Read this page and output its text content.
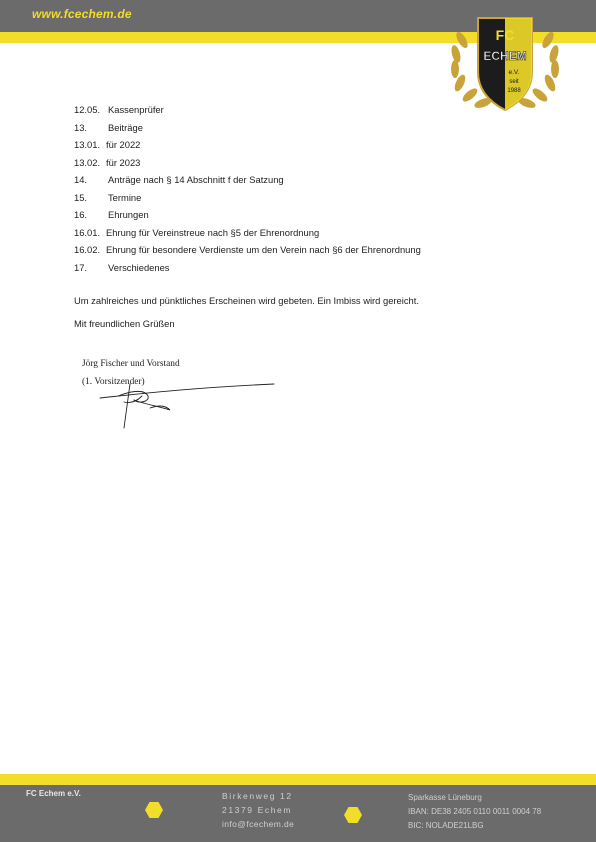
www.fcechem.de
FC
ECHEM
e.V.
seit
1988
12.05. Kassenprüfer
13. Beiträge
13.01. für 2022
13.02. für 2023
14. Anträge nach § 14 Abschnitt f der Satzung
15. Termine
16. Ehrungen
16.01. Ehrung für Vereinstreue nach §5 der Ehrenordnung
16.02. Ehrung für besondere Verdienste um den Verein nach §6 der Ehrenordnung
17. Verschiedenes
Um zahlreiches und pünktliches Erscheinen wird gebeten. Ein Imbiss wird gereicht.
Mit freundlichen Grüßen
Jörg Fischer und Vorstand
(1. Vorsitzender)
FC Echem e.V.	Birkenweg 12
21379 Echem
info@fcechem.de
Sparkasse Lüneburg
IBAN: DE38 2405 0110 0011 0004 78
BIC: NOLADE21LBG
